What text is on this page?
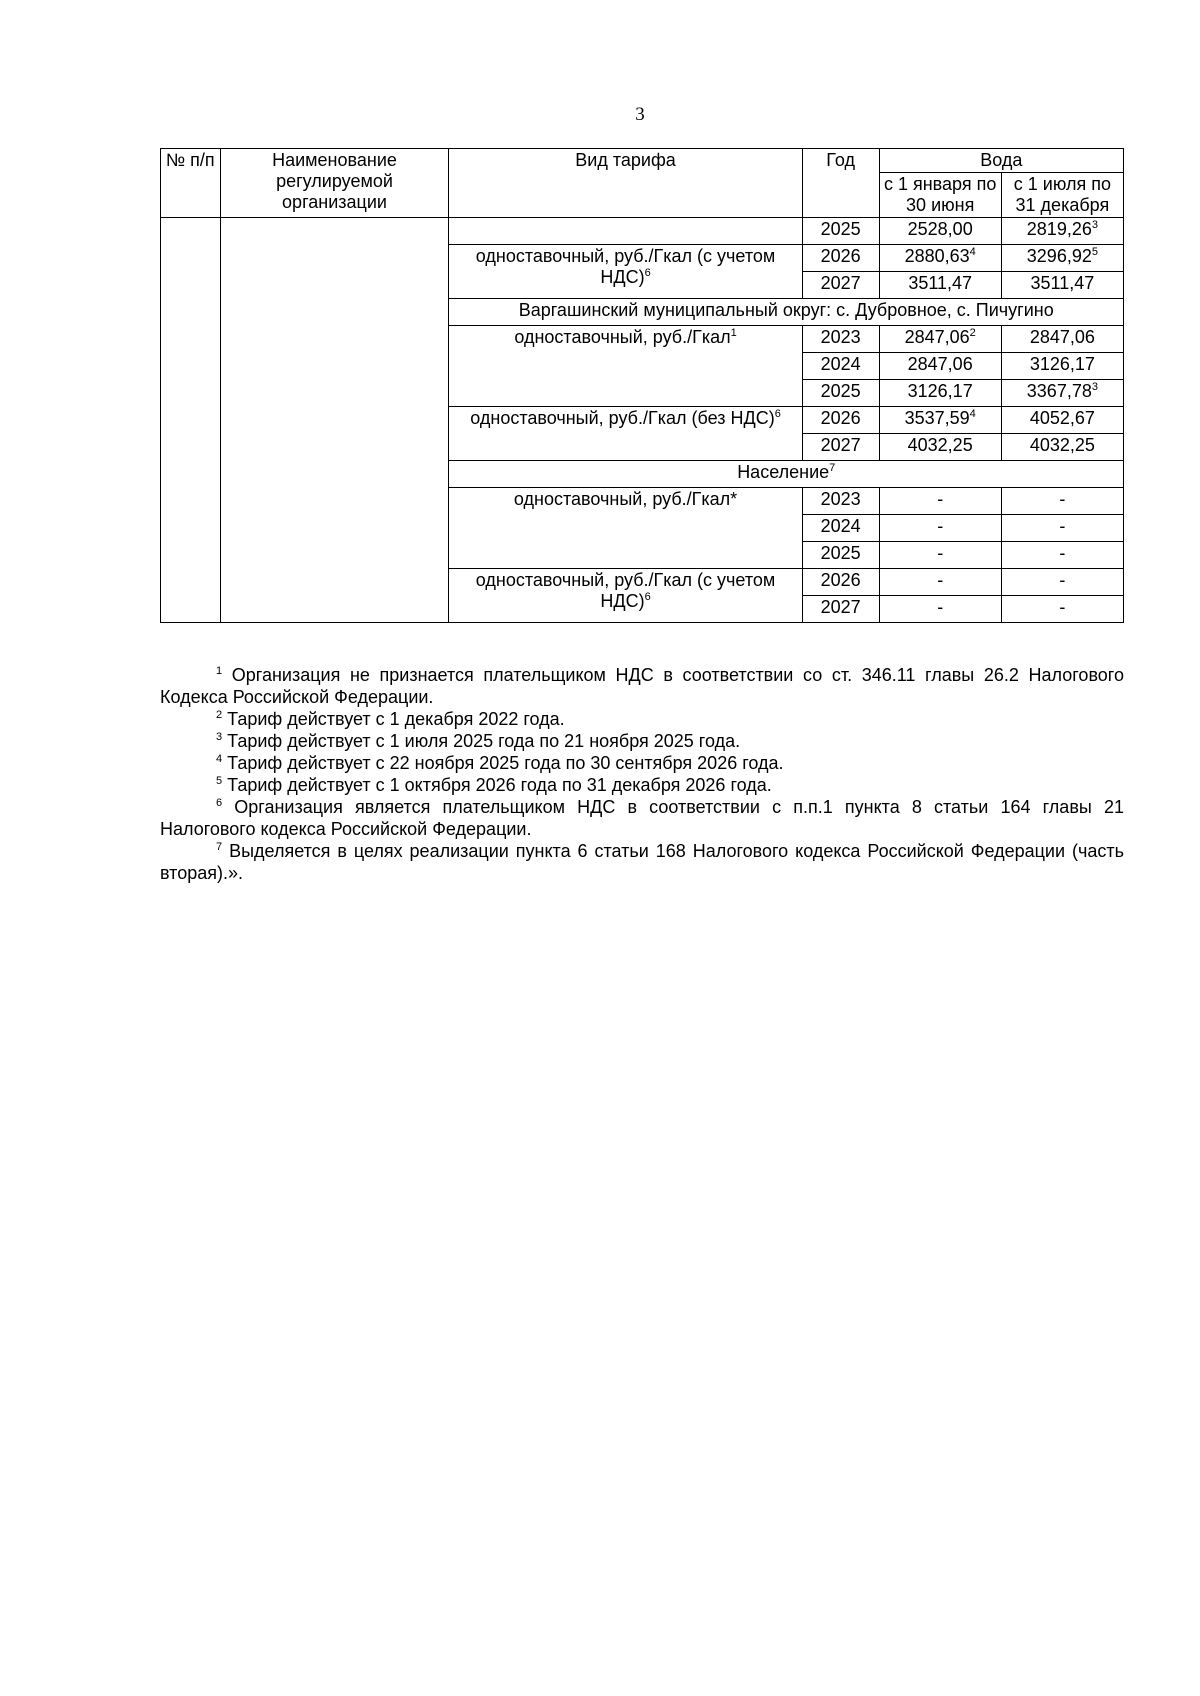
3
№ п/п	Наименование регулируемой организации	Вид тарифа	Год	Вода	
				с 1 января по 30 июня	с 1 июля по 31 декабря
			2025	2528,00	2819,26$^3$
		одноставочный, руб./Гкал (с учетом НДС)$^6$	2026	2880,63$^4$	3296,92$^5$
			2027	3511,47	3511,47
		Варгашинский муниципальный округ: с. Дубровное, с. Пичугино			
		одноставочный, руб./Гкал$^1$	2023	2847,06$^2$	2847,06
			2024	2847,06	3126,17
			2025	3126,17	3367,78$^3$
		одноставочный, руб./Гкал (без НДС)$^6$	2026	3537,59$^4$	4052,67
			2027	4032,25	4032,25
		Население$^7$
		одноставочный, руб./Гкал*	2023	-	-
			2024	-	-
			2025	-	-
		одноставочный, руб./Гкал (с учетом НДС)$^6$	2026	-	-
			2027	-	-

$^1$ Организация не признается плательщиком НДС в соответствии со ст. 346.11 главы 26.2 Налогового Кодекса Российской Федерации.

$^2$ Тариф действует с 1 декабря 2022 года.

$^3$ Тариф действует с 1 июля 2025 года по 21 ноября 2025 года.

$^4$ Тариф действует с 22 ноября 2025 года по 30 сентября 2026 года.

$^5$ Тариф действует с 1 октября 2026 года по 31 декабря 2026 года.

$^6$ Организация является плательщиком НДС в соответствии с п.п.1 пункта 8 статьи 164 главы 21 Налогового кодекса Российской Федерации.

$^7$ Выделяется в целях реализации пункта 6 статьи 168 Налогового кодекса Российской Федерации (часть вторая).».
